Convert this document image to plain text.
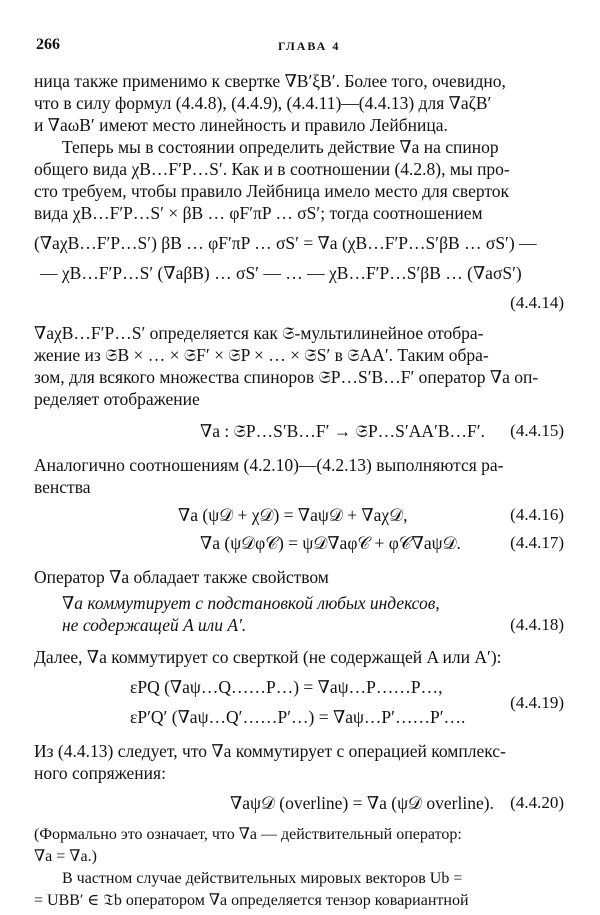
266	ГЛАВА 4
ница также применимо к свертке ∇B′ξB′. Более того, очевидно,
что в силу формул (4.4.8), (4.4.9), (4.4.11)—(4.4.13) для ∇aζB′
и ∇aωB′ имеют место линейность и правило Лейбница.
Теперь мы в состоянии определить действие ∇a на спинор
общего вида χB…F′P…S′. Как и в соотношении (4.2.8), мы про-
сто требуем, чтобы правило Лейбница имело место для сверток
вида χB…F′P…S′ × βB … φF′πP … σS′; тогда соотношением
(∇aχB…F′P…S′) βB … φF′πP … σS′ = ∇a (χB…F′P…S′βB … σS′) —
— χB…F′P…S′ (∇aβB) … σS′ — … — χB…F′P…S′βB … (∇aσS′)
(4.4.14)
∇aχB…F′P…S′ определяется как 𝔖-мультилинейное отобра-
жение из 𝔖B × … × 𝔖F′ × 𝔖P × … × 𝔖S′ в 𝔖AA′. Таким обра-
зом, для всякого множества спиноров 𝔖P…S′B…F′ оператор ∇a оп-
ределяет отображение
∇a : 𝔖P…S′B…F′ → 𝔖P…S′AA′B…F′. (4.4.15)
Аналогично соотношениям (4.2.10)—(4.2.13) выполняются ра-
венства
∇a (ψ𝒟 + χ𝒟) = ∇aψ𝒟 + ∇aχ𝒟,	(4.4.16)
∇a (ψ𝒟φ𝒞) = ψ𝒟∇aφ𝒞 + φ𝒞∇aψ𝒟.	(4.4.17)
Оператор ∇a обладает также свойством
∇a коммутирует с подстановкой любых индексов,
не содержащей A или A′.	(4.4.18)
Далее, ∇a коммутирует со сверткой (не содержащей A или A′):
εPQ (∇aψ…Q……P…) = ∇aψ…P……P…,
εP′Q′ (∇aψ…Q′……P′…) = ∇aψ…P′……P′….
(4.4.19)
Из (4.4.13) следует, что ∇a коммутирует с операцией комплекс-
ного сопряжения:
∇aψ𝒟 (overline) = ∇a (ψ𝒟 overline). (4.4.20)
(Формально это означает, что ∇a — действительный оператор:
∇a = ∇a.)
В частном случае действительных мировых векторов Ub =
= UBB′ ∈ 𝔗b оператором ∇a определяется тензор ковариантной
